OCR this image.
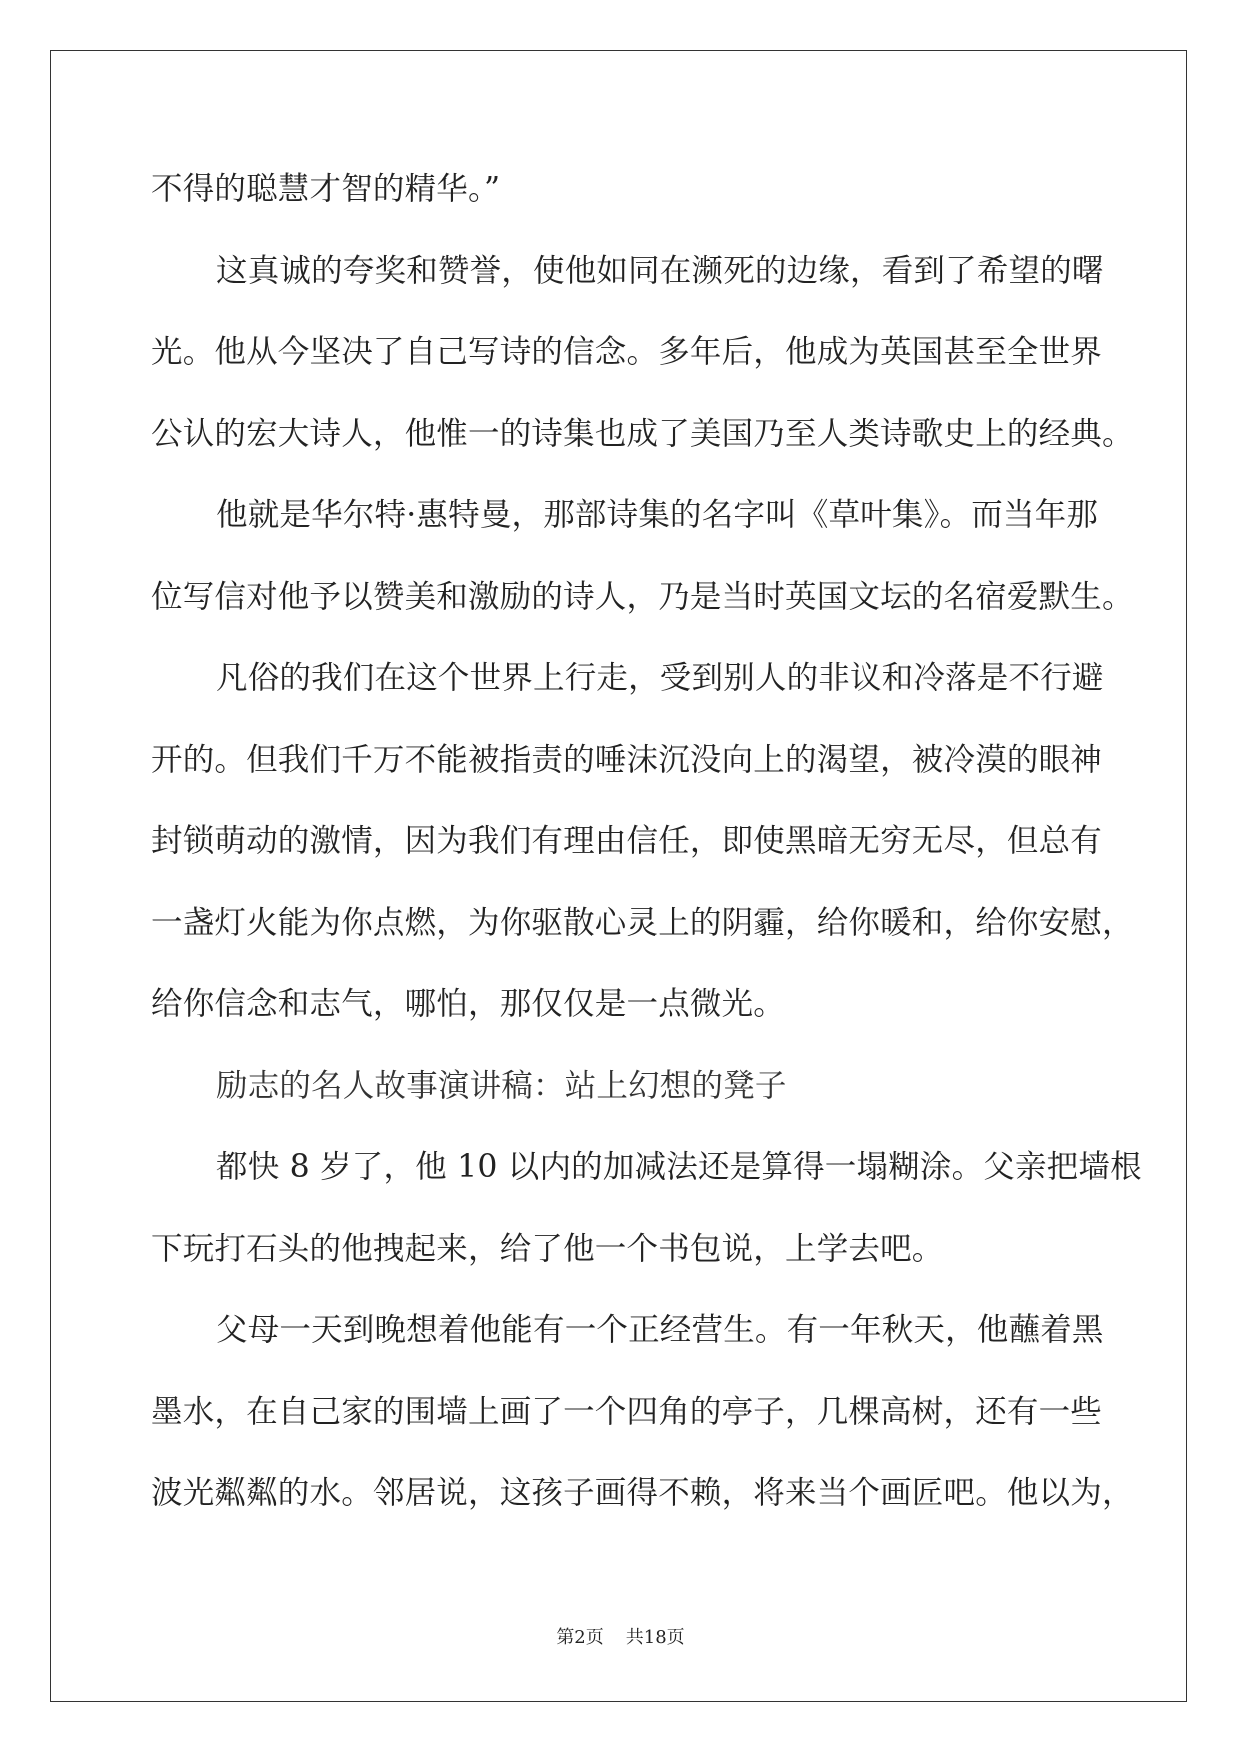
不得的聪慧才智的精华。”
这真诚的夸奖和赞誉，使他如同在濒死的边缘，看到了希望的曙
光。他从今坚决了自己写诗的信念。多年后，他成为英国甚至全世界
公认的宏大诗人，他惟一的诗集也成了美国乃至人类诗歌史上的经典。
他就是华尔特·惠特曼，那部诗集的名字叫《草叶集》。而当年那
位写信对他予以赞美和激励的诗人，乃是当时英国文坛的名宿爱默生。
凡俗的我们在这个世界上行走，受到别人的非议和冷落是不行避
开的。但我们千万不能被指责的唾沫沉没向上的渴望，被冷漠的眼神
封锁萌动的激情，因为我们有理由信任，即使黑暗无穷无尽，但总有
一盏灯火能为你点燃，为你驱散心灵上的阴霾，给你暖和，给你安慰，
给你信念和志气，哪怕，那仅仅是一点微光。
励志的名人故事演讲稿：站上幻想的凳子
都快 8 岁了，他 10 以内的加减法还是算得一塌糊涂。父亲把墙根
下玩打石头的他拽起来，给了他一个书包说，上学去吧。
父母一天到晚想着他能有一个正经营生。有一年秋天，他蘸着黑
墨水，在自己家的围墙上画了一个四角的亭子，几棵高树，还有一些
波光粼粼的水。邻居说，这孩子画得不赖，将来当个画匠吧。他以为，
第2页 共18页
